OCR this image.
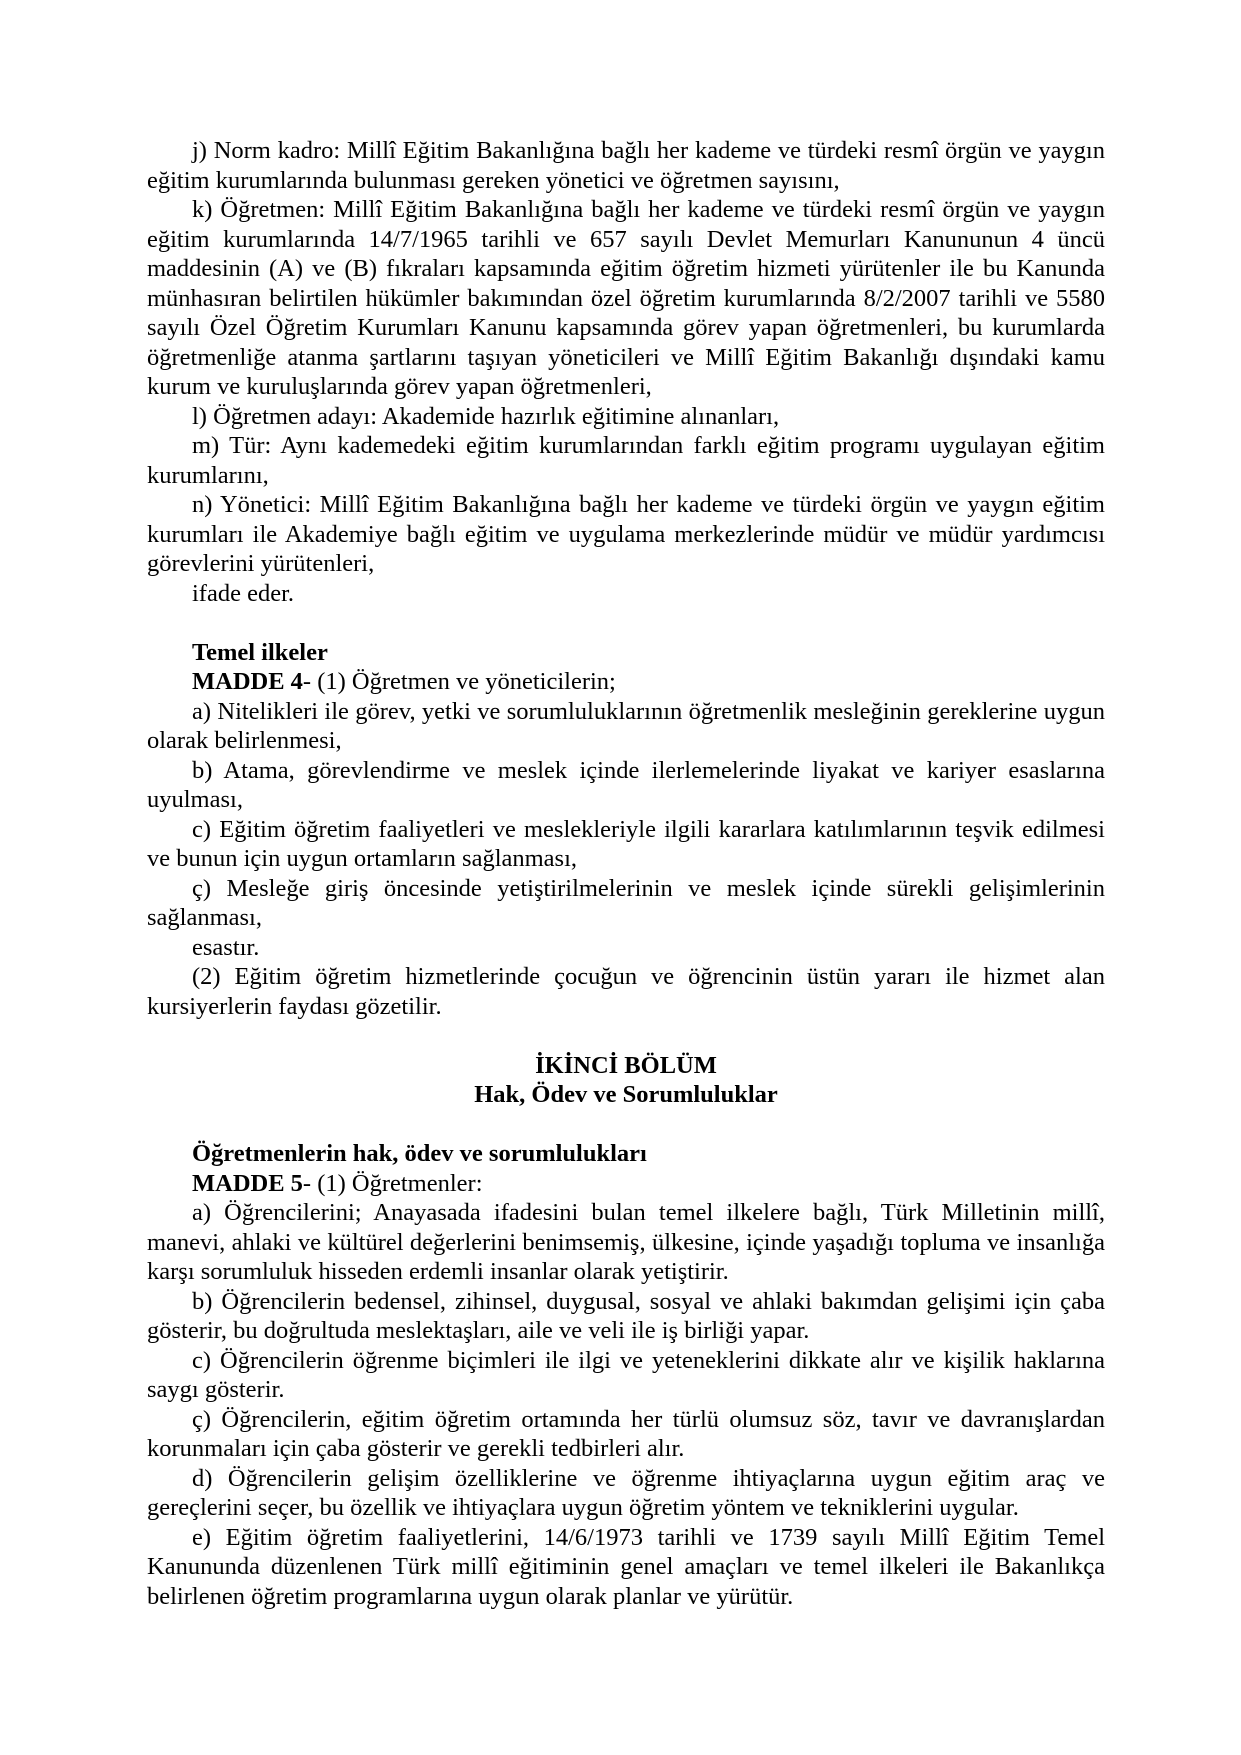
j) Norm kadro: Millî Eğitim Bakanlığına bağlı her kademe ve türdeki resmî örgün ve yaygın eğitim kurumlarında bulunması gereken yönetici ve öğretmen sayısını,

k) Öğretmen: Millî Eğitim Bakanlığına bağlı her kademe ve türdeki resmî örgün ve yaygın eğitim kurumlarında 14/7/1965 tarihli ve 657 sayılı Devlet Memurları Kanununun 4 üncü maddesinin (A) ve (B) fıkraları kapsamında eğitim öğretim hizmeti yürütenler ile bu Kanunda münhasıran belirtilen hükümler bakımından özel öğretim kurumlarında 8/2/2007 tarihli ve 5580 sayılı Özel Öğretim Kurumları Kanunu kapsamında görev yapan öğretmenleri, bu kurumlarda öğretmenliğe atanma şartlarını taşıyan yöneticileri ve Millî Eğitim Bakanlığı dışındaki kamu kurum ve kuruluşlarında görev yapan öğretmenleri,

l) Öğretmen adayı: Akademide hazırlık eğitimine alınanları,

m) Tür: Aynı kademedeki eğitim kurumlarından farklı eğitim programı uygulayan eğitim kurumlarını,

n) Yönetici: Millî Eğitim Bakanlığına bağlı her kademe ve türdeki örgün ve yaygın eğitim kurumları ile Akademiye bağlı eğitim ve uygulama merkezlerinde müdür ve müdür yardımcısı görevlerini yürütenleri,

ifade eder.

Temel ilkeler

MADDE 4- (1) Öğretmen ve yöneticilerin;

a) Nitelikleri ile görev, yetki ve sorumluluklarının öğretmenlik mesleğinin gereklerine uygun olarak belirlenmesi,

b) Atama, görevlendirme ve meslek içinde ilerlemelerinde liyakat ve kariyer esaslarına uyulması,

c) Eğitim öğretim faaliyetleri ve meslekleriyle ilgili kararlara katılımlarının teşvik edilmesi ve bunun için uygun ortamların sağlanması,

ç) Mesleğe giriş öncesinde yetiştirilmelerinin ve meslek içinde sürekli gelişimlerinin sağlanması,

esastır.

(2) Eğitim öğretim hizmetlerinde çocuğun ve öğrencinin üstün yararı ile hizmet alan kursiyerlerin faydası gözetilir.

İKİNCİ BÖLÜM

Hak, Ödev ve Sorumluluklar

Öğretmenlerin hak, ödev ve sorumlulukları

MADDE 5- (1) Öğretmenler:

a) Öğrencilerini; Anayasada ifadesini bulan temel ilkelere bağlı, Türk Milletinin millî, manevi, ahlaki ve kültürel değerlerini benimsemiş, ülkesine, içinde yaşadığı topluma ve insanlığa karşı sorumluluk hisseden erdemli insanlar olarak yetiştirir.

b) Öğrencilerin bedensel, zihinsel, duygusal, sosyal ve ahlaki bakımdan gelişimi için çaba gösterir, bu doğrultuda meslektaşları, aile ve veli ile iş birliği yapar.

c) Öğrencilerin öğrenme biçimleri ile ilgi ve yeteneklerini dikkate alır ve kişilik haklarına saygı gösterir.

ç) Öğrencilerin, eğitim öğretim ortamında her türlü olumsuz söz, tavır ve davranışlardan korunmaları için çaba gösterir ve gerekli tedbirleri alır.

d) Öğrencilerin gelişim özelliklerine ve öğrenme ihtiyaçlarına uygun eğitim araç ve gereçlerini seçer, bu özellik ve ihtiyaçlara uygun öğretim yöntem ve tekniklerini uygular.

e) Eğitim öğretim faaliyetlerini, 14/6/1973 tarihli ve 1739 sayılı Millî Eğitim Temel Kanununda düzenlenen Türk millî eğitiminin genel amaçları ve temel ilkeleri ile Bakanlıkça belirlenen öğretim programlarına uygun olarak planlar ve yürütür.
